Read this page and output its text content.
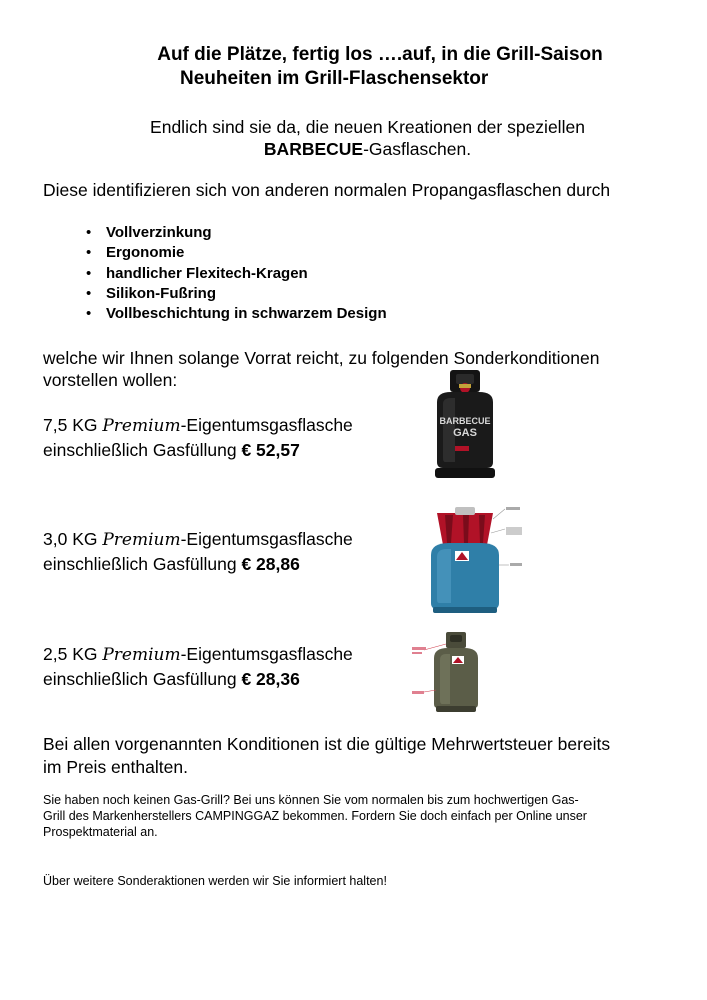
Auf die Plätze, fertig los ….auf, in die Grill-Saison
Neuheiten im Grill-Flaschensektor
Endlich sind sie da, die neuen Kreationen der speziellen
BARBECUE-Gasflaschen.
Diese identifizieren sich von anderen normalen Propangasflaschen durch
• Vollverzinkung
• Ergonomie
• handlicher Flexitech-Kragen
• Silikon-Fußring
• Vollbeschichtung in schwarzem Design
welche wir Ihnen solange Vorrat reicht, zu folgenden Sonderkonditionen
vorstellen wollen:
7,5 KG Premium-Eigentumsgasflasche
einschließlich Gasfüllung € 52,57
3,0 KG Premium-Eigentumsgasflasche
einschließlich Gasfüllung € 28,86
2,5 KG Premium-Eigentumsgasflasche
einschließlich Gasfüllung € 28,36
BARBECUE
GAS
Bei allen vorgenannten Konditionen ist die gültige Mehrwertsteuer bereits
im Preis enthalten.
Sie haben noch keinen Gas-Grill? Bei uns können Sie vom normalen bis zum hochwertigen Gas-
Grill des Markenherstellers CAMPINGGAZ bekommen. Fordern Sie doch einfach per Online unser
Prospektmaterial an.
Über weitere Sonderaktionen werden wir Sie informiert halten!
